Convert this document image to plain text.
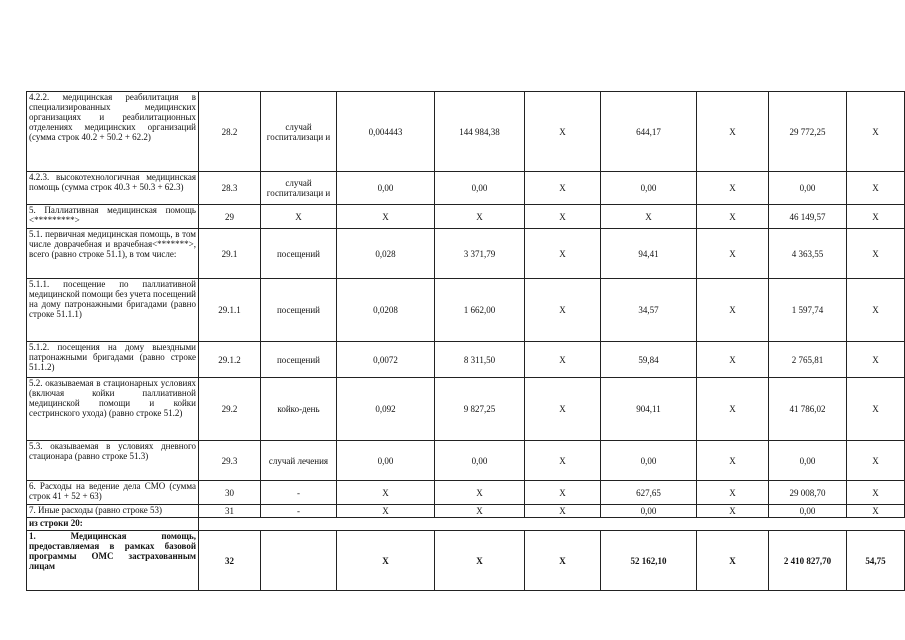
4.2.2. медицинская реабилитация в специализированных медицинских организациях и реабилитационных отделениях медицинских организаций (сумма строк 40.2 + 50.2 + 62.2)	28.2	случай госпитализаци и	0,004443	144 984,38	X	644,17	X	29 772,25	X
4.2.3. высокотехнологичная медицинская помощь (сумма строк 40.3 + 50.3 + 62.3)	28.3	случай госпитализаци и	0,00	0,00	X	0,00	X	0,00	X
5. Паллиативная медицинская помощь <*********>	29	X	X	X	X	X	X	46 149,57	X
5.1. первичная медицинская помощь, в том числе доврачебная и врачебная<*******>, всего (равно строке 51.1), в том числе:	29.1	посещений	0,028	3 371,79	X	94,41	X	4 363,55	X
5.1.1. посещение по паллиативной медицинской помощи без учета посещений на дому патронажными бригадами (равно строке 51.1.1)	29.1.1	посещений	0,0208	1 662,00	X	34,57	X	1 597,74	X
5.1.2. посещения на дому выездными патронажными бригадами (равно строке 51.1.2)	29.1.2	посещений	0,0072	8 311,50	X	59,84	X	2 765,81	X
5.2. оказываемая в стационарных условиях (включая койки паллиативной медицинской помощи и койки сестринского ухода) (равно строке 51.2)	29.2	койко-день	0,092	9 827,25	X	904,11	X	41 786,02	X
5.3. оказываемая в условиях дневного стационара (равно строке 51.3)	29.3	случай лечения	0,00	0,00	X	0,00	X	0,00	X
6. Расходы на ведение дела СМО (сумма строк 41 + 52 + 63)	30	-	X	X	X	627,65	X	29 008,70	X
7. Иные расходы (равно строке 53)	31	-	X	X	X	0,00	X	0,00	X
из строки 20:									
1. Медицинская помощь, предоставляемая в рамках базовой программы ОМС застрахованным лицам	32		X	X	X	52 162,10	X	2 410 827,70	54,75
